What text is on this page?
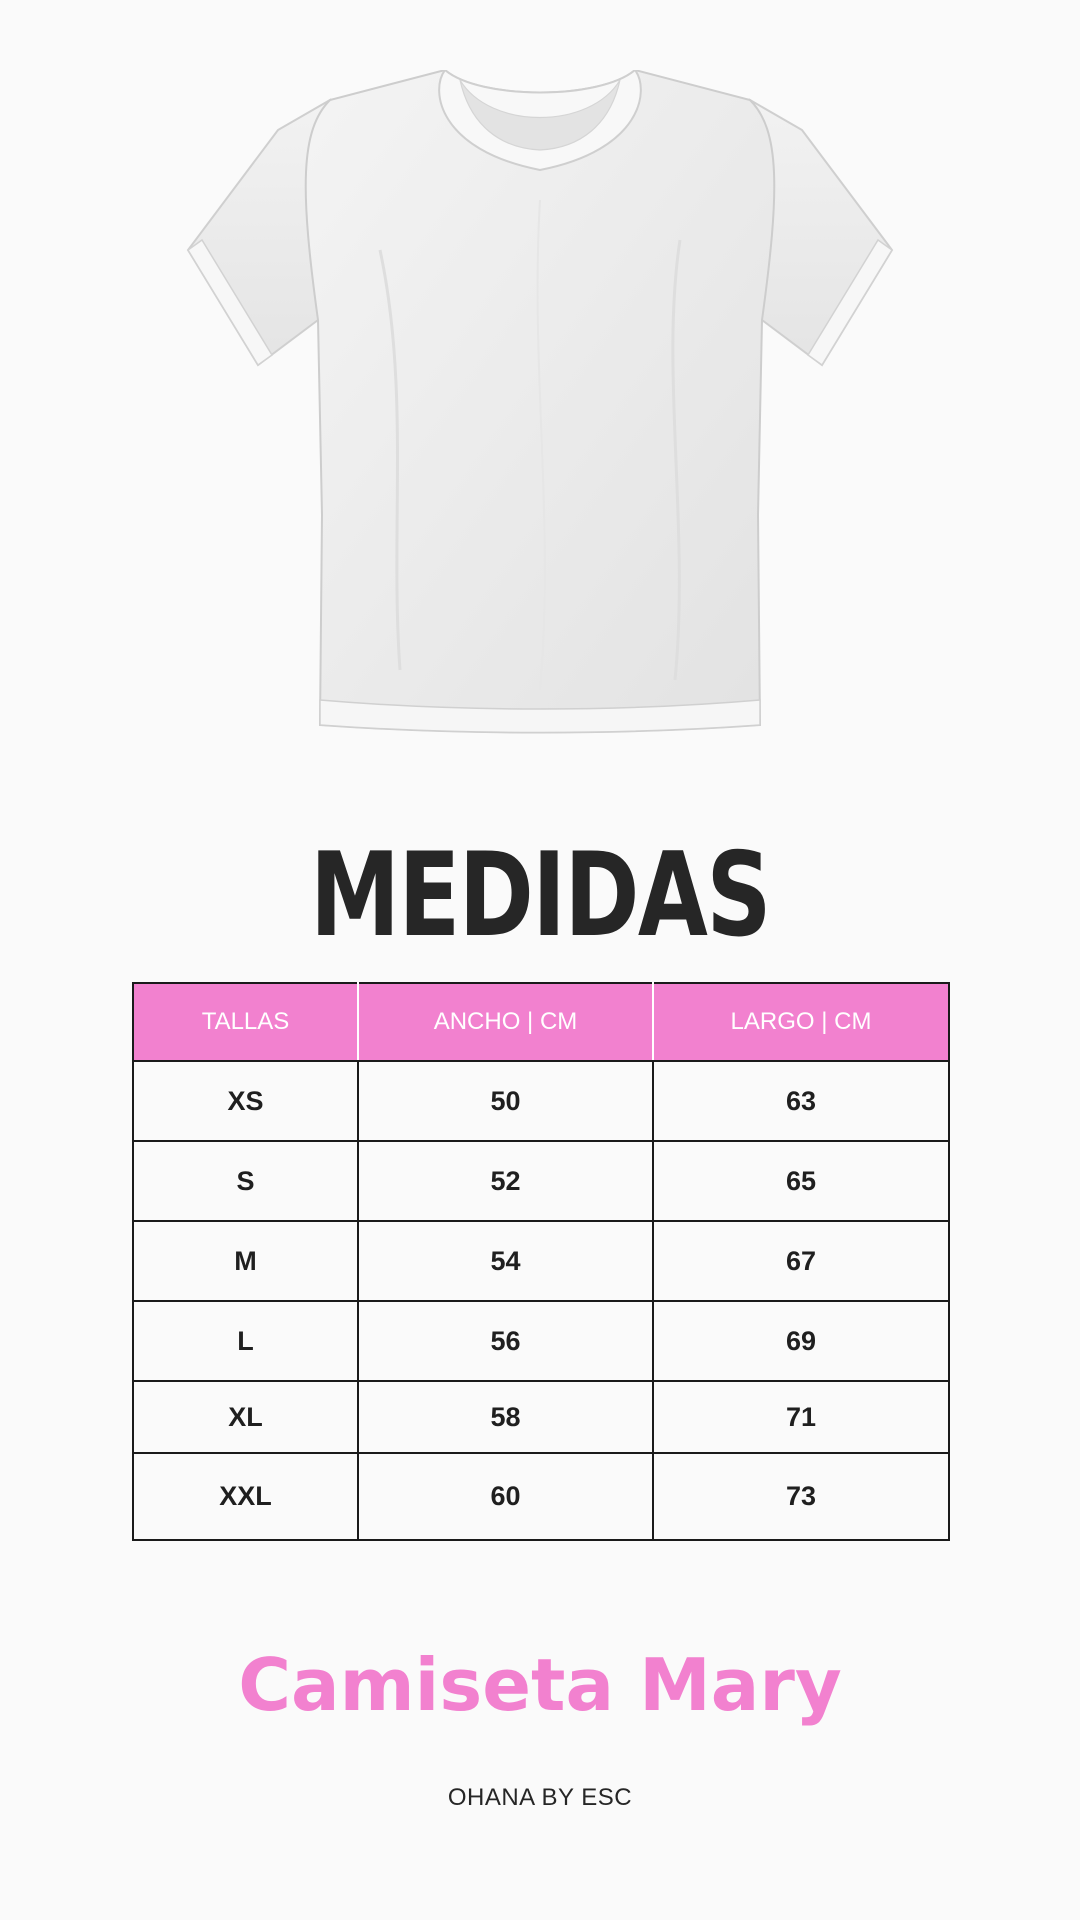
MEDIDAS
TALLAS	ANCHO | CM	LARGO | CM
XS	50	63
S	52	65
M	54	67
L	56	69
XL	58	71
XXL	60	73
Camiseta Mary
OHANA BY ESC
